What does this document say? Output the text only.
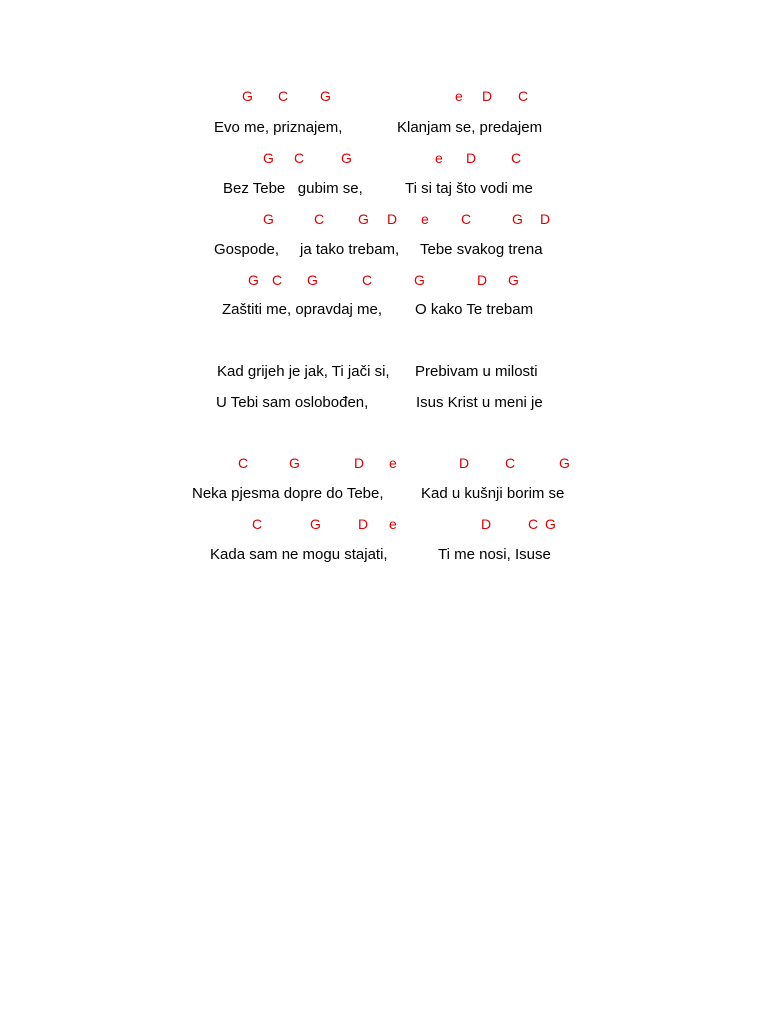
G C G	e D C
Evo me, priznajem,	Klanjam se, predajem
G C	G	e D C
Bez Tebe   gubim se,	Ti si taj što vodi me
G	C G D e C	G D
Gospode, ja tako trebam, Tebe svakog trena
G C G	C	G	D G
Zaštiti me, opravdaj me, O kako Te trebam
Kad grijeh je jak, Ti jači si, Prebivam u milosti
U Tebi sam oslobođen,	Isus Krist u meni je
C	G	D e	D	C	G
Neka pjesma dopre do Tebe, Kad u kušnji borim se
C	G	D e	D	C G
Kada sam ne mogu stajati,	Ti me nosi, Isuse
